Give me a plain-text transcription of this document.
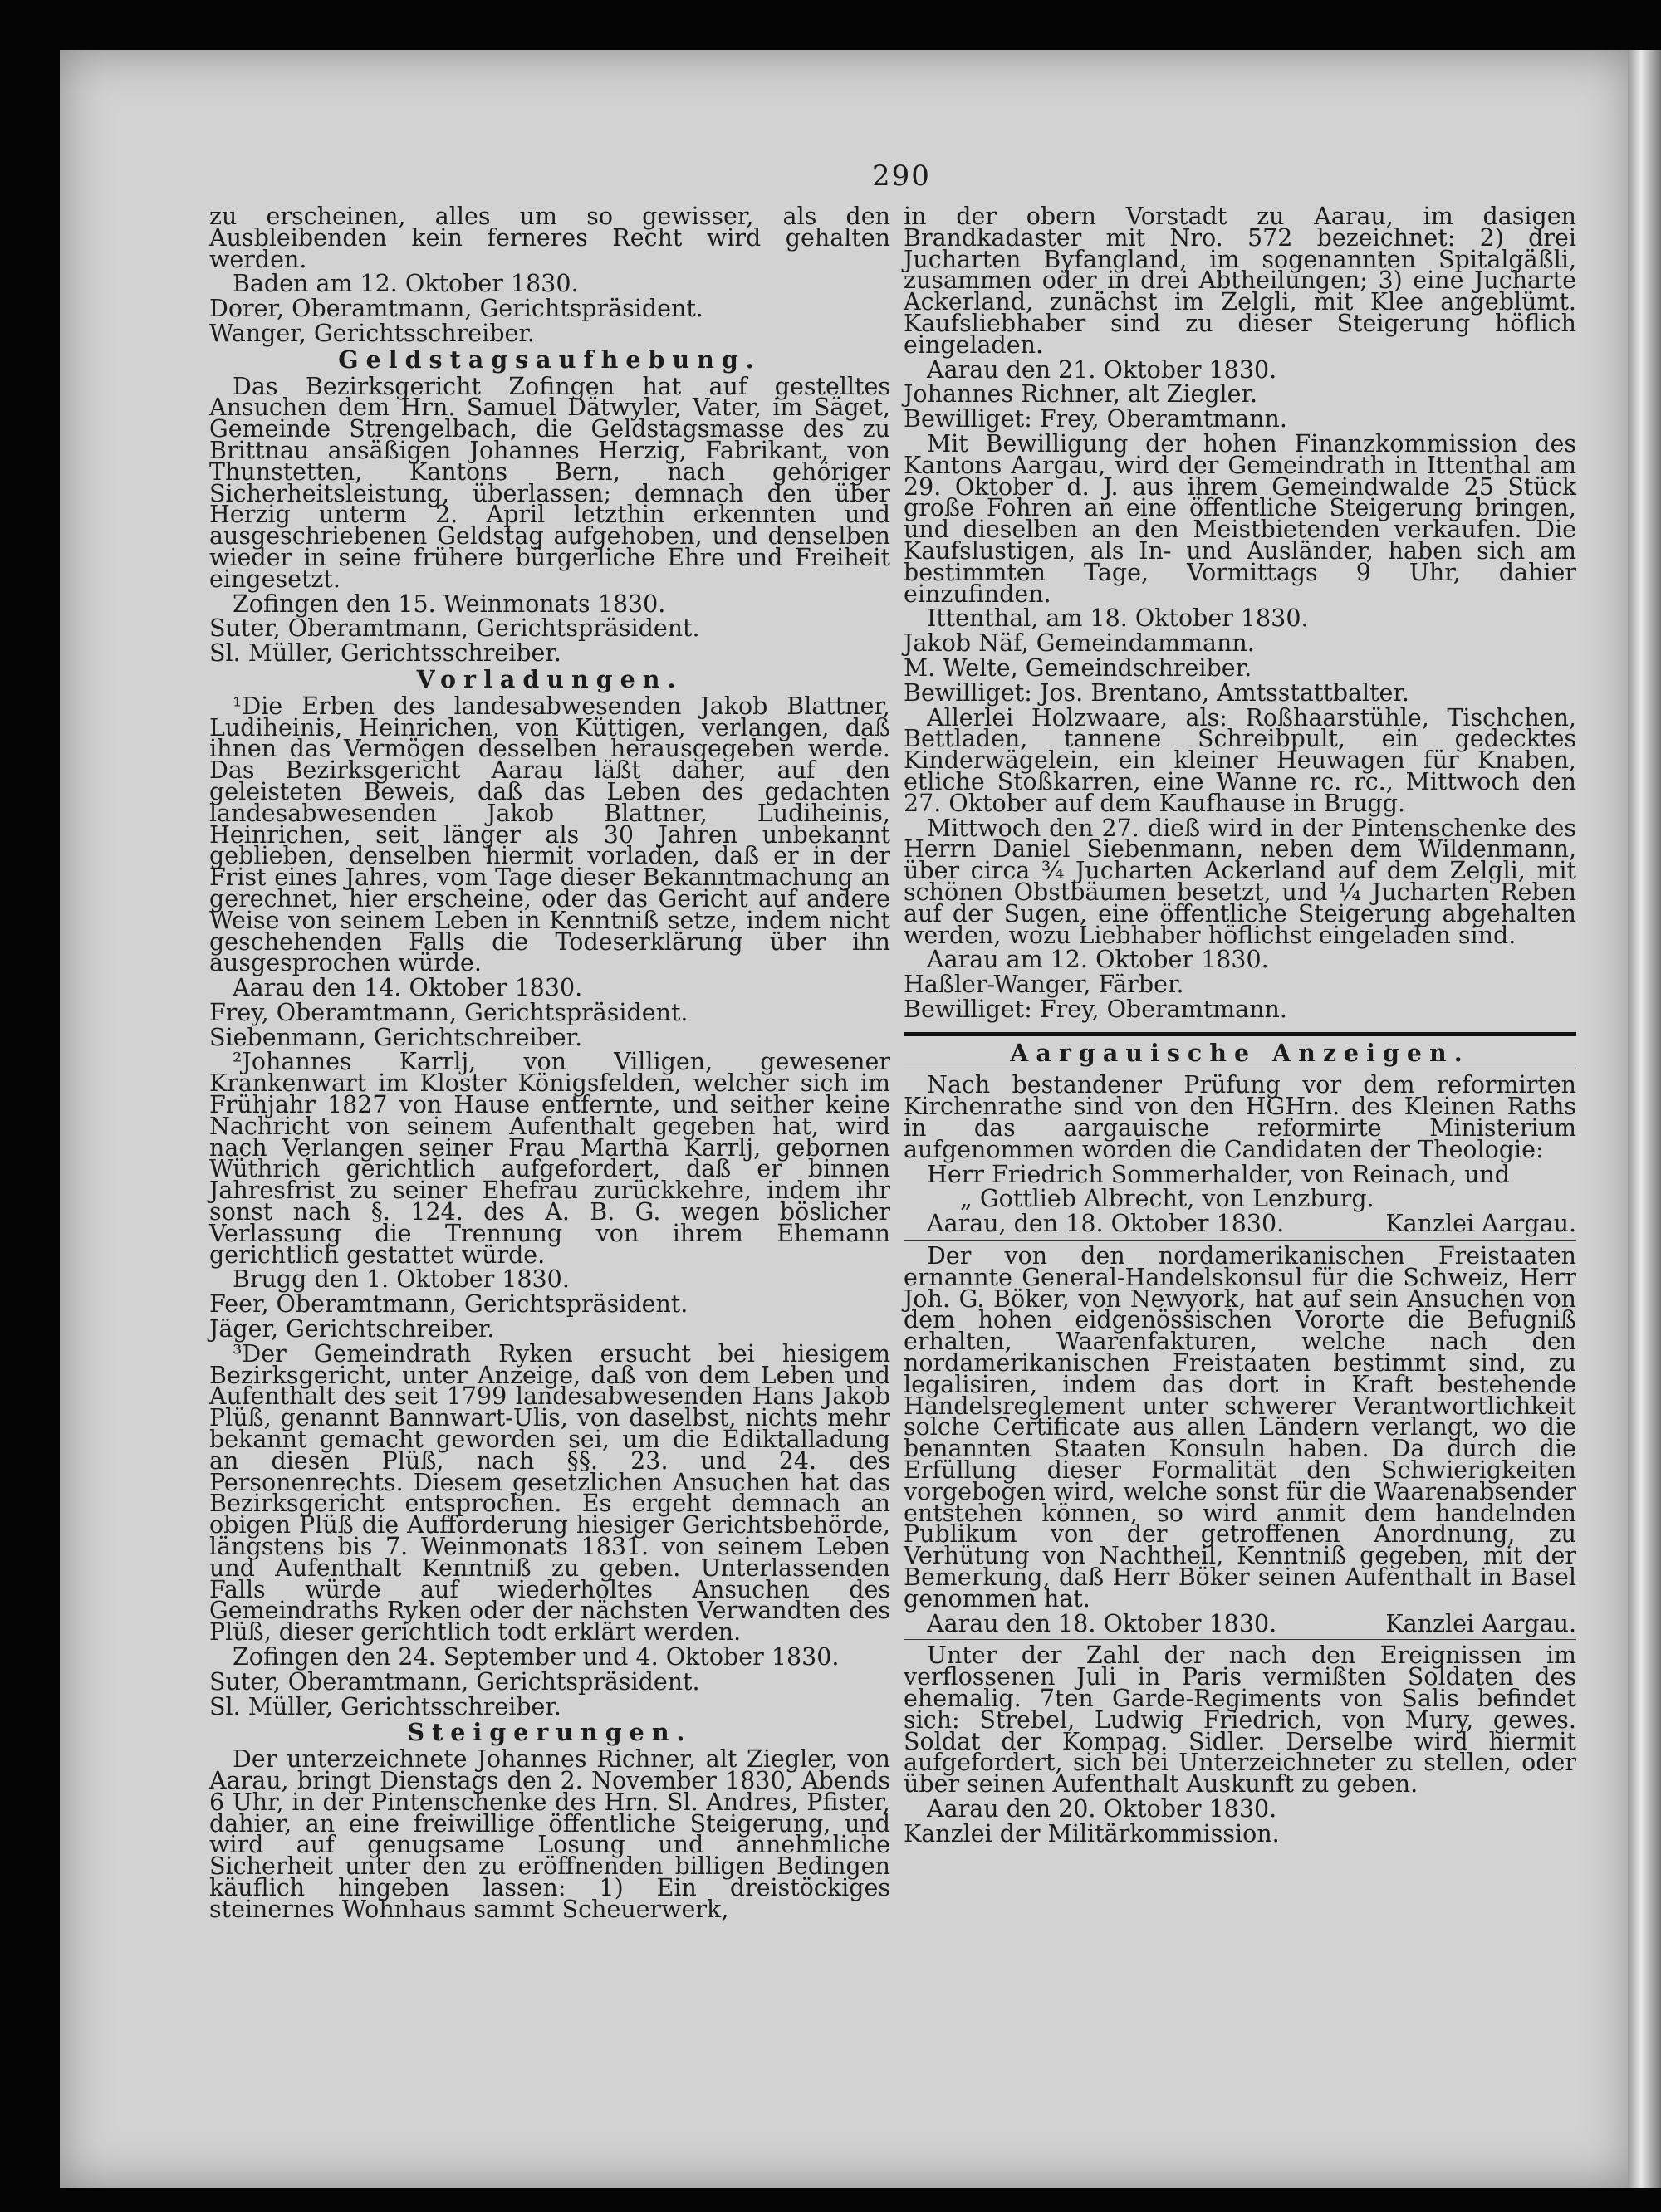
290

zu erscheinen, alles um so gewisser, als den Ausbleibenden kein ferneres Recht wird gehalten werden.

Baden am 12. Oktober 1830.

Dorer, Oberamtmann, Gerichtspräsident.

Wanger, Gerichtsschreiber.

Geldstagsaufhebung.

Das Bezirksgericht Zofingen hat auf gestelltes Ansuchen dem Hrn. Samuel Dätwyler, Vater, im Säget, Gemeinde Strengelbach, die Geldstagsmasse des zu Brittnau ansäßigen Johannes Herzig, Fabrikant, von Thunstetten, Kantons Bern, nach gehöriger Sicherheitsleistung, überlassen; demnach den über Herzig unterm 2. April letzthin erkennten und ausgeschriebenen Geldstag aufgehoben, und denselben wieder in seine frühere bürgerliche Ehre und Freiheit eingesetzt.

Zofingen den 15. Weinmonats 1830.

Suter, Oberamtmann, Gerichtspräsident.

Sl. Müller, Gerichtsschreiber.

Vorladungen.

¹Die Erben des landesabwesenden Jakob Blattner, Ludiheinis, Heinrichen, von Küttigen, verlangen, daß ihnen das Vermögen desselben herausgegeben werde. Das Bezirksgericht Aarau läßt daher, auf den geleisteten Beweis, daß das Leben des gedachten landesabwesenden Jakob Blattner, Ludiheinis, Heinrichen, seit länger als 30 Jahren unbekannt geblieben, denselben hiermit vorladen, daß er in der Frist eines Jahres, vom Tage dieser Bekanntmachung an gerechnet, hier erscheine, oder das Gericht auf andere Weise von seinem Leben in Kenntniß setze, indem nicht geschehenden Falls die Todeserklärung über ihn ausgesprochen würde.

Aarau den 14. Oktober 1830.

Frey, Oberamtmann, Gerichtspräsident.

Siebenmann, Gerichtschreiber.

²Johannes Karrlj, von Villigen, gewesener Krankenwart im Kloster Königsfelden, welcher sich im Frühjahr 1827 von Hause entfernte, und seither keine Nachricht von seinem Aufenthalt gegeben hat, wird nach Verlangen seiner Frau Martha Karrlj, gebornen Wüthrich gerichtlich aufgefordert, daß er binnen Jahresfrist zu seiner Ehefrau zurückkehre, indem ihr sonst nach §. 124. des A. B. G. wegen böslicher Verlassung die Trennung von ihrem Ehemann gerichtlich gestattet würde.

Brugg den 1. Oktober 1830.

Feer, Oberamtmann, Gerichtspräsident.

Jäger, Gerichtschreiber.

³Der Gemeindrath Ryken ersucht bei hiesigem Bezirksgericht, unter Anzeige, daß von dem Leben und Aufenthalt des seit 1799 landesabwesenden Hans Jakob Plüß, genannt Bannwart-Ulis, von daselbst, nichts mehr bekannt gemacht geworden sei, um die Ediktalladung an diesen Plüß, nach §§. 23. und 24. des Personenrechts. Diesem gesetzlichen Ansuchen hat das Bezirksgericht entsprochen. Es ergeht demnach an obigen Plüß die Aufforderung hiesiger Gerichtsbehörde, längstens bis 7. Weinmonats 1831. von seinem Leben und Aufenthalt Kenntniß zu geben. Unterlassenden Falls würde auf wiederholtes Ansuchen des Gemeindraths Ryken oder der nächsten Verwandten des Plüß, dieser gerichtlich todt erklärt werden.

Zofingen den 24. September und 4. Oktober 1830.

Suter, Oberamtmann, Gerichtspräsident.

Sl. Müller, Gerichtsschreiber.

Steigerungen.

Der unterzeichnete Johannes Richner, alt Ziegler, von Aarau, bringt Dienstags den 2. November 1830, Abends 6 Uhr, in der Pintenschenke des Hrn. Sl. Andres, Pfister, dahier, an eine freiwillige öffentliche Steigerung, und wird auf genugsame Losung und annehmliche Sicherheit unter den zu eröffnenden billigen Bedingen käuflich hingeben lassen: 1) Ein dreistöckiges steinernes Wohnhaus sammt Scheuerwerk,

in der obern Vorstadt zu Aarau, im dasigen Brandkadaster mit Nro. 572 bezeichnet: 2) drei Jucharten Byfangland, im sogenannten Spitalgäßli, zusammen oder in drei Abtheilungen; 3) eine Jucharte Ackerland, zunächst im Zelgli, mit Klee angeblümt. Kaufsliebhaber sind zu dieser Steigerung höflich eingeladen.

Aarau den 21. Oktober 1830.

Johannes Richner, alt Ziegler.

Bewilliget: Frey, Oberamtmann.

Mit Bewilligung der hohen Finanzkommission des Kantons Aargau, wird der Gemeindrath in Ittenthal am 29. Oktober d. J. aus ihrem Gemeindwalde 25 Stück große Fohren an eine öffentliche Steigerung bringen, und dieselben an den Meistbietenden verkaufen. Die Kaufslustigen, als In- und Ausländer, haben sich am bestimmten Tage, Vormittags 9 Uhr, dahier einzufinden.

Ittenthal, am 18. Oktober 1830.

Jakob Näf, Gemeindammann.

M. Welte, Gemeindschreiber.

Bewilliget: Jos. Brentano, Amtsstattbalter.

Allerlei Holzwaare, als: Roßhaarstühle, Tischchen, Bettladen, tannene Schreibpult, ein gedecktes Kinderwägelein, ein kleiner Heuwagen für Knaben, etliche Stoßkarren, eine Wanne rc. rc., Mittwoch den 27. Oktober auf dem Kaufhause in Brugg.

Mittwoch den 27. dieß wird in der Pintenschenke des Herrn Daniel Siebenmann, neben dem Wildenmann, über circa ¾ Jucharten Ackerland auf dem Zelgli, mit schönen Obstbäumen besetzt, und ¼ Jucharten Reben auf der Sugen, eine öffentliche Steigerung abgehalten werden, wozu Liebhaber höflichst eingeladen sind.

Aarau am 12. Oktober 1830.

Haßler-Wanger, Färber.

Bewilliget: Frey, Oberamtmann.

Aargauische Anzeigen.

Nach bestandener Prüfung vor dem reformirten Kirchenrathe sind von den HGHrn. des Kleinen Raths in das aargauische reformirte Ministerium aufgenommen worden die Candidaten der Theologie:

Herr Friedrich Sommerhalder, von Reinach, und

„ Gottlieb Albrecht, von Lenzburg.

Aarau, den 18. Oktober 1830.	Kanzlei Aargau.

Der von den nordamerikanischen Freistaaten ernannte General-Handelskonsul für die Schweiz, Herr Joh. G. Böker, von Newyork, hat auf sein Ansuchen von dem hohen eidgenössischen Vororte die Befugniß erhalten, Waarenfakturen, welche nach den nordamerikanischen Freistaaten bestimmt sind, zu legalisiren, indem das dort in Kraft bestehende Handelsreglement unter schwerer Verantwortlichkeit solche Certificate aus allen Ländern verlangt, wo die benannten Staaten Konsuln haben. Da durch die Erfüllung dieser Formalität den Schwierigkeiten vorgebogen wird, welche sonst für die Waarenabsender entstehen können, so wird anmit dem handelnden Publikum von der getroffenen Anordnung, zu Verhütung von Nachtheil, Kenntniß gegeben, mit der Bemerkung, daß Herr Böker seinen Aufenthalt in Basel genommen hat.

Aarau den 18. Oktober 1830.	Kanzlei Aargau.

Unter der Zahl der nach den Ereignissen im verflossenen Juli in Paris vermißten Soldaten des ehemalig. 7ten Garde-Regiments von Salis befindet sich: Strebel, Ludwig Friedrich, von Mury, gewes. Soldat der Kompag. Sidler. Derselbe wird hiermit aufgefordert, sich bei Unterzeichneter zu stellen, oder über seinen Aufenthalt Auskunft zu geben.

Aarau den 20. Oktober 1830.

Kanzlei der Militärkommission.
